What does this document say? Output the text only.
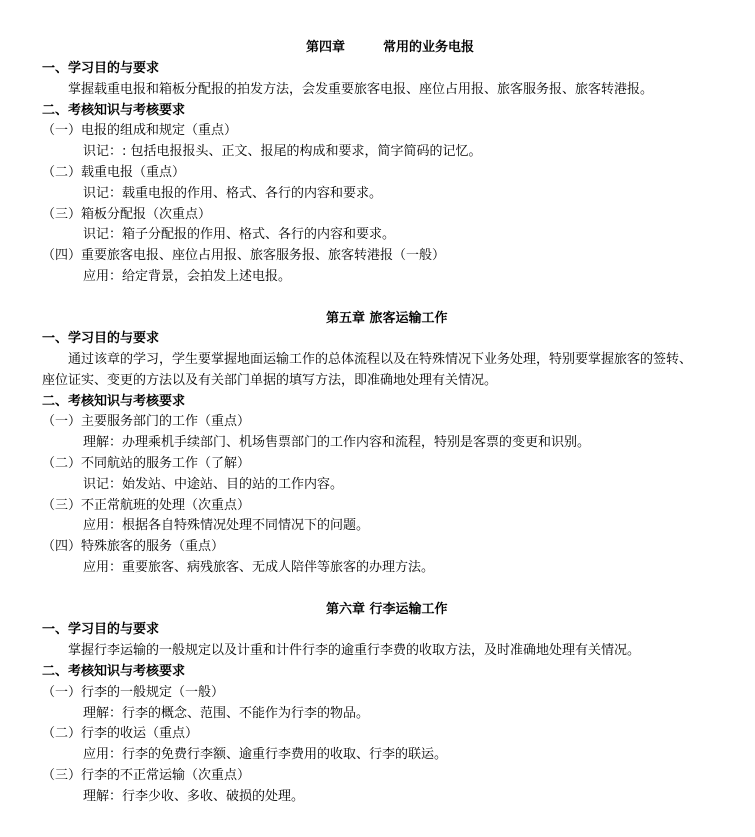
第四章	常用的业务电报
一、学习目的与要求
掌握载重电报和箱板分配报的拍发方法，会发重要旅客电报、座位占用报、旅客服务报、旅客转港报。
二、考核知识与考核要求
（一）电报的组成和规定（重点）
识记：: 包括电报报头、正文、报尾的构成和要求，简字简码的记忆。
（二）载重电报（重点）
识记：载重电报的作用、格式、各行的内容和要求。
（三）箱板分配报（次重点）
识记：箱子分配报的作用、格式、各行的内容和要求。
（四）重要旅客电报、座位占用报、旅客服务报、旅客转港报（一般）
应用：给定背景，会拍发上述电报。
第五章 旅客运输工作
一、学习目的与要求
通过该章的学习，学生要掌握地面运输工作的总体流程以及在特殊情况下业务处理，特别要掌握旅客的签转、
座位证实、变更的方法以及有关部门单据的填写方法，即准确地处理有关情况。
二、考核知识与考核要求
（一）主要服务部门的工作（重点）
理解：办理乘机手续部门、机场售票部门的工作内容和流程，特别是客票的变更和识别。
（二）不同航站的服务工作（了解）
识记：始发站、中途站、目的站的工作内容。
（三）不正常航班的处理（次重点）
应用：根据各自特殊情况处理不同情况下的问题。
（四）特殊旅客的服务（重点）
应用：重要旅客、病残旅客、无成人陪伴等旅客的办理方法。
第六章 行李运输工作
一、学习目的与要求
掌握行李运输的一般规定以及计重和计件行李的逾重行李费的收取方法，及时准确地处理有关情况。
二、考核知识与考核要求
（一）行李的一般规定（一般）
理解：行李的概念、范围、不能作为行李的物品。
（二）行李的收运（重点）
应用：行李的免费行李额、逾重行李费用的收取、行李的联运。
（三）行李的不正常运输（次重点）
理解：行李少收、多收、破损的处理。
